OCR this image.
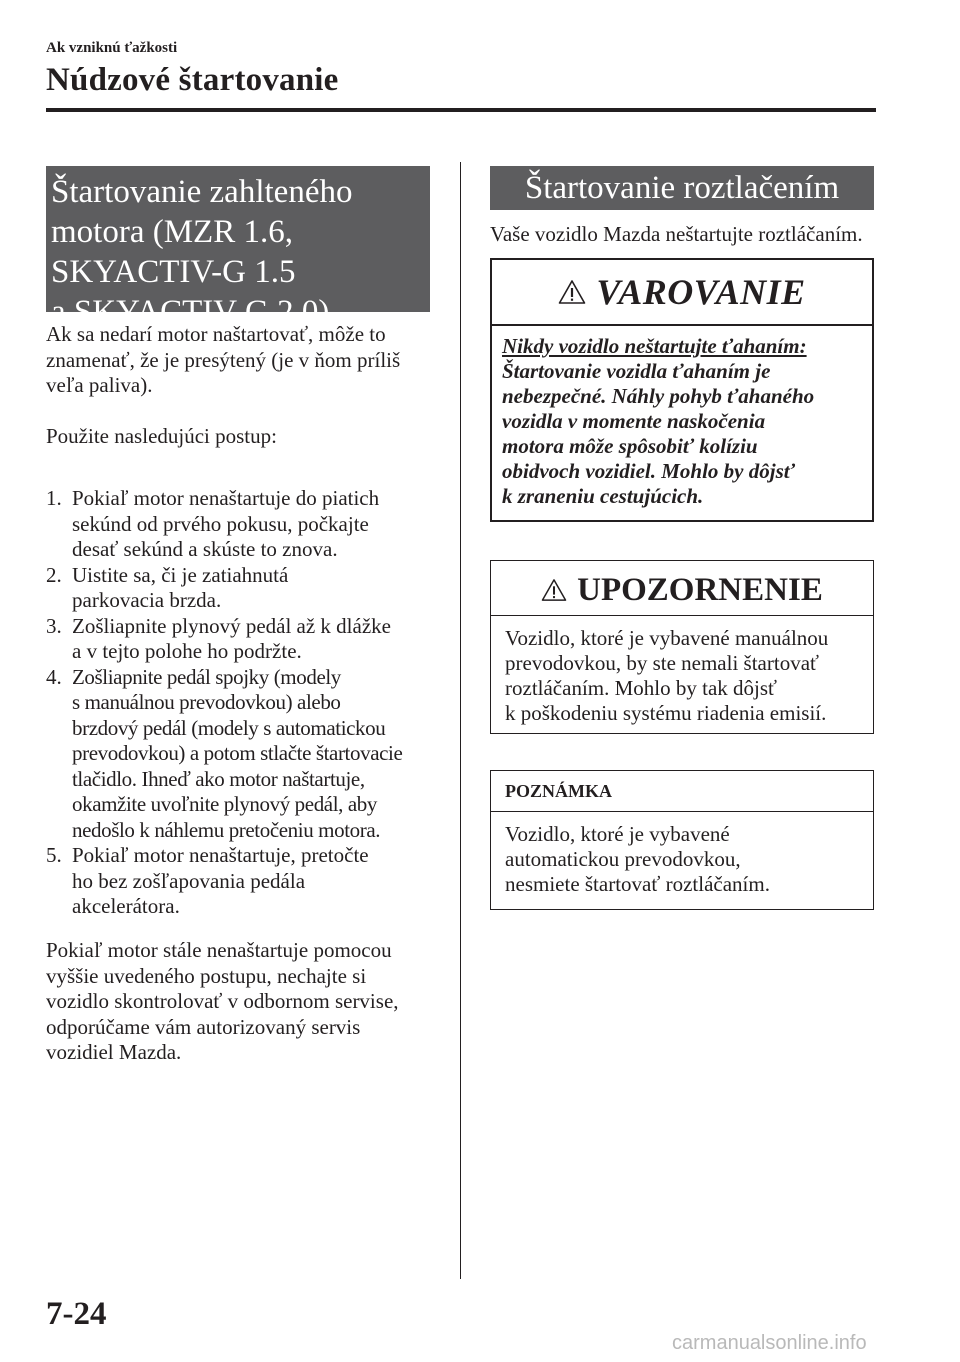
Ak vzniknú ťažkosti
Núdzové štartovanie
Štartovanie zahlteného
motora (MZR 1.6,
SKYACTIV-G 1.5
a SKYACTIV-G 2.0)
Ak sa nedarí motor naštartovať, môže to
znamenať, že je presýtený (je v ňom príliš
veľa paliva).
Použite nasledujúci postup:
1. Pokiaľ motor nenaštartuje do piatich
sekúnd od prvého pokusu, počkajte
desať sekúnd a skúste to znova.
2. Uistite sa, či je zatiahnutá
parkovacia brzda.
3. Zošliapnite plynový pedál až k dlážke
a v tejto polohe ho podržte.
4. Zošliapnite pedál spojky (modely
s manuálnou prevodovkou) alebo
brzdový pedál (modely s automatickou
prevodovkou) a potom stlačte štartovacie
tlačidlo. Ihneď ako motor naštartuje,
okamžite uvoľnite plynový pedál, aby
nedošlo k náhlemu pretočeniu motora.
5. Pokiaľ motor nenaštartuje, pretočte
ho bez zošľapovania pedála
akcelerátora.
Pokiaľ motor stále nenaštartuje pomocou
vyššie uvedeného postupu, nechajte si
vozidlo skontrolovať v odbornom servise,
odporúčame vám autorizovaný servis
vozidiel Mazda.
Štartovanie roztlačením
Vaše vozidlo Mazda neštartujte roztláčaním.
VAROVANIE
Nikdy vozidlo neštartujte ťahaním:
Štartovanie vozidla ťahaním je
nebezpečné. Náhly pohyb ťahaného
vozidla v momente naskočenia
motora môže spôsobiť kolíziu
obidvoch vozidiel. Mohlo by dôjsť
k zraneniu cestujúcich.
UPOZORNENIE
Vozidlo, ktoré je vybavené manuálnou
prevodovkou, by ste nemali štartovať
roztláčaním. Mohlo by tak dôjsť
k poškodeniu systému riadenia emisií.
POZNÁMKA
Vozidlo, ktoré je vybavené
automatickou prevodovkou,
nesmiete štartovať roztláčaním.
7-24
carmanualsonline.info
